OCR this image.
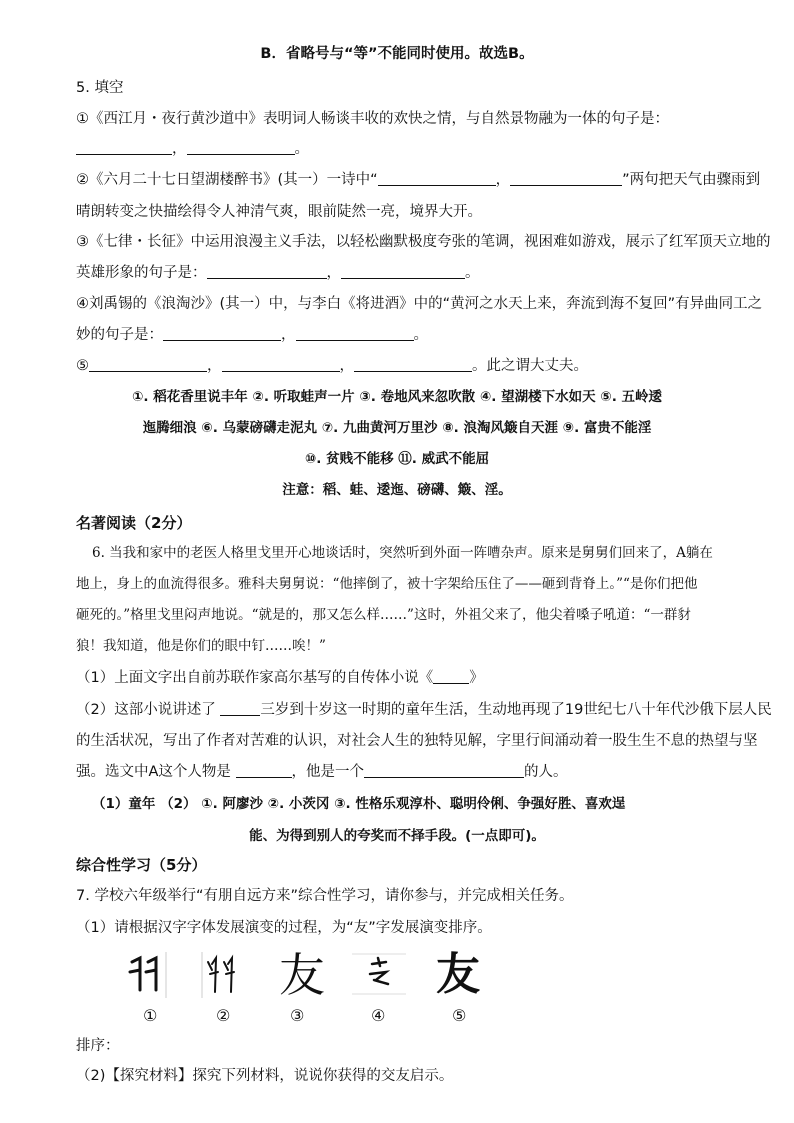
B．省略号与“等”不能同时使用。故选B。
5. 填空
①《西江月・夜行黄沙道中》表明词人畅谈丰收的欢快之情，与自然景物融为一体的句子是：
，	。
②《六月二十七日望湖楼醉书》(其一）一诗中“	，	”两句把天气由骤雨到
晴朗转变之快描绘得令人神清气爽，眼前陡然一亮，境界大开。
③《七律・长征》中运用浪漫主义手法，以轻松幽默极度夸张的笔调，视困难如游戏，展示了红军顶天立地的
英雄形象的句子是：	，	。
④刘禹锡的《浪淘沙》(其一）中，与李白《将进酒》中的“黄河之水天上来，奔流到海不复回”有异曲同工之
妙的句子是：	，	。
⑤	，	，	。此之谓大丈夫。
①. 稻花香里说丰年 ②. 听取蛙声一片 ③. 卷地风来忽吹散 ④. 望湖楼下水如天 ⑤. 五岭逶
迤腾细浪 ⑥. 乌蒙磅礴走泥丸 ⑦. 九曲黄河万里沙 ⑧. 浪淘风簸自天涯 ⑨. 富贵不能淫
⑩. 贫贱不能移 ⑪. 威武不能屈
注意：稻、蛙、逶迤、磅礴、簸、淫。
名著阅读（2分）
6. 当我和家中的老医人格里戈里开心地谈话时，突然听到外面一阵嘈杂声。原来是舅舅们回来了，A躺在
地上，身上的血流得很多。雅科夫舅舅说：“他摔倒了，被十字架给压住了——砸到背脊上。”“是你们把他
砸死的。”格里戈里闷声地说。“就是的，那又怎么样……”这时，外祖父来了，他尖着嗓子吼道：“一群豺
狼！我知道，他是你们的眼中钉……唉！”
（1）上面文字出自前苏联作家高尔基写的自传体小说《 》
（2）这部小说讲述了	三岁到十岁这一时期的童年生活，生动地再现了19世纪七八十年代沙俄下层人民
的生活状况，写出了作者对苦难的认识，对社会人生的独特见解，字里行间涌动着一股生生不息的热望与坚
强。选文中A这个人物是	，他是一个	的人。
（1）童年 （2） ①. 阿廖沙 ②. 小茨冈 ③. 性格乐观淳朴、聪明伶俐、争强好胜、喜欢逞
能、为得到别人的夸奖而不择手段。(一点即可)。
综合性学习（5分）
7. 学校六年级举行“有朋自远方来”综合性学习，请你参与，并完成相关任务。
（1）请根据汉字字体发展演变的过程，为“友”字发展演变排序。
友	友
①	②	③	④	⑤
排序：
（2)【探究材料】探究下列材料，说说你获得的交友启示。
